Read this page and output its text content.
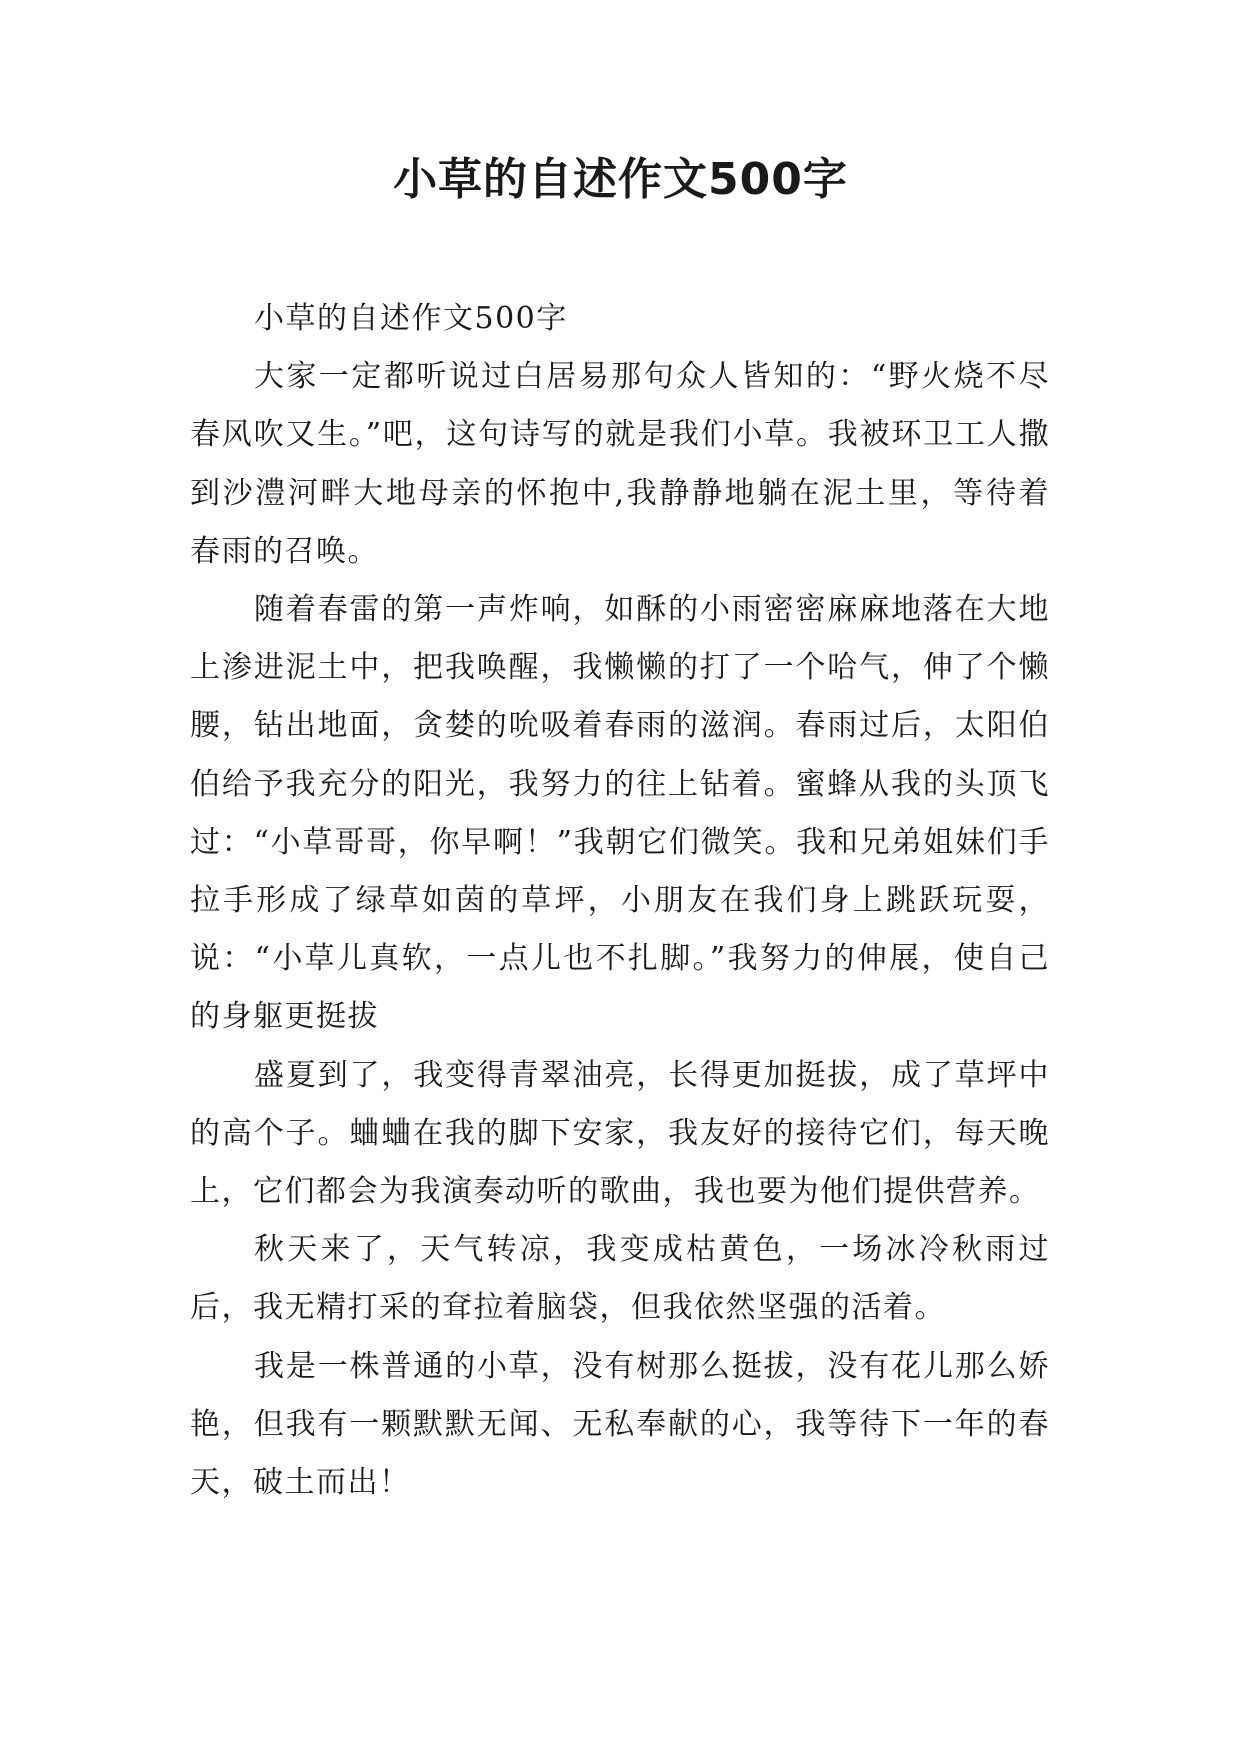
小草的自述作文500字

小草的自述作文500字

大家一定都听说过白居易那句众人皆知的：“野火烧不尽春风吹又生。”吧，这句诗写的就是我们小草。我被环卫工人撒到沙澧河畔大地母亲的怀抱中,我静静地躺在泥土里，等待着春雨的召唤。

随着春雷的第一声炸响，如酥的小雨密密麻麻地落在大地上渗进泥土中，把我唤醒，我懒懒的打了一个哈气，伸了个懒腰，钻出地面，贪婪的吮吸着春雨的滋润。春雨过后，太阳伯伯给予我充分的阳光，我努力的往上钻着。蜜蜂从我的头顶飞过：“小草哥哥，你早啊！”我朝它们微笑。我和兄弟姐妹们手拉手形成了绿草如茵的草坪，小朋友在我们身上跳跃玩耍，说：“小草儿真软，一点儿也不扎脚。”我努力的伸展，使自己的身躯更挺拔

盛夏到了，我变得青翠油亮，长得更加挺拔，成了草坪中的高个子。蛐蛐在我的脚下安家，我友好的接待它们，每天晚上，它们都会为我演奏动听的歌曲，我也要为他们提供营养。

秋天来了，天气转凉，我变成枯黄色，一场冰冷秋雨过后，我无精打采的耷拉着脑袋，但我依然坚强的活着。

我是一株普通的小草，没有树那么挺拔，没有花儿那么娇艳，但我有一颗默默无闻、无私奉献的心，我等待下一年的春天，破土而出！
